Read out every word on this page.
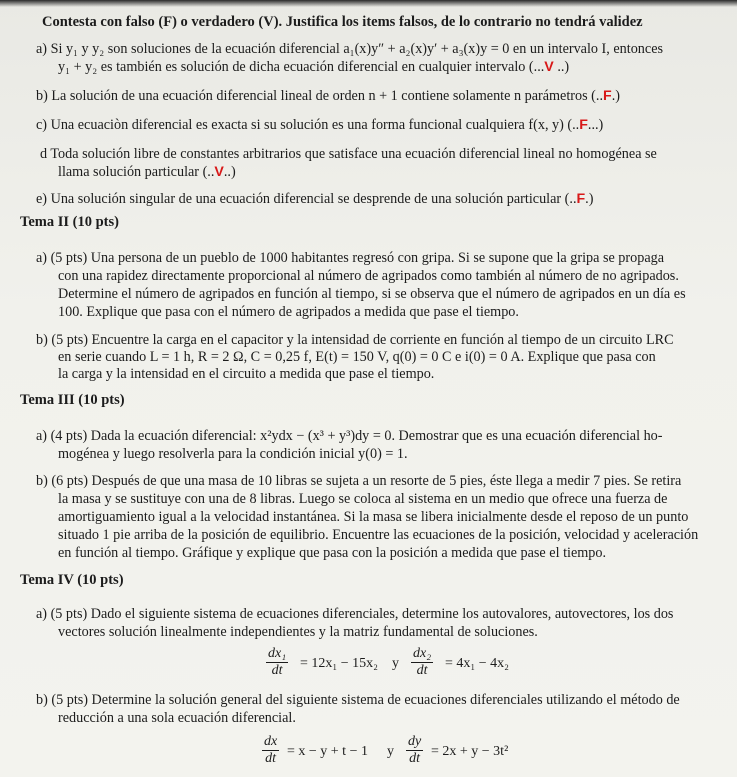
Contesta con falso (F) o verdadero (V). Justifica los items falsos, de lo contrario no tendrá validez
a) Si y₁ y y₂ son soluciones de la ecuación diferencial a₁(x)y″ + a₂(x)y′ + a₃(x)y = 0 en un intervalo I, entonces
y₁ + y₂ es también es solución de dicha ecuación diferencial en cualquier intervalo (...V ..)
b) La solución de una ecuación diferencial lineal de orden n + 1 contiene solamente n parámetros (..F.)
c) Una ecuaciòn diferencial es exacta si su solución es una forma funcional cualquiera f(x, y) (..F...)
d Toda solución libre de constantes arbitrarios que satisface una ecuación diferencial lineal no homogénea se
llama solución particular (..V..)
e) Una solución singular de una ecuación diferencial se desprende de una solución particular (..F.)
Tema II (10 pts)
a) (5 pts) Una persona de un pueblo de 1000 habitantes regresó con gripa. Si se supone que la gripa se propaga
con una rapidez directamente proporcional al número de agripados como también al número de no agripados.
Determine el número de agripados en función al tiempo, si se observa que el número de agripados en un día es
100. Explique que pasa con el número de agripados a medida que pase el tiempo.
b) (5 pts) Encuentre la carga en el capacitor y la intensidad de corriente en función al tiempo de un circuito LRC
en serie cuando L = 1 h, R = 2 Ω, C = 0,25 f, E(t) = 150 V, q(0) = 0 C e i(0) = 0 A. Explique que pasa con
la carga y la intensidad en el circuito a medida que pase el tiempo.
Tema III (10 pts)
a) (4 pts) Dada la ecuación diferencial: x²ydx − (x³ + y³)dy = 0. Demostrar que es una ecuación diferencial ho-
mogénea y luego resolverla para la condición inicial y(0) = 1.
b) (6 pts) Después de que una masa de 10 libras se sujeta a un resorte de 5 pies, éste llega a medir 7 pies. Se retira
la masa y se sustituye con una de 8 libras. Luego se coloca al sistema en un medio que ofrece una fuerza de
amortiguamiento igual a la velocidad instantánea. Si la masa se libera inicialmente desde el reposo de un punto
situado 1 pie arriba de la posición de equilibrio. Encuentre las ecuaciones de la posición, velocidad y aceleración
en función al tiempo. Gráfique y explique que pasa con la posición a medida que pase el tiempo.
Tema IV (10 pts)
a) (5 pts) Dado el siguiente sistema de ecuaciones diferenciales, determine los autovalores, autovectores, los dos
vectores solución linealmente independientes y la matriz fundamental de soluciones.
$\frac{\text{dx₁}}{dt} = 12x_1 - 15x_2$ y $\frac{\text{dx₂}}{dt} = 4x_1 - 4x_2$
b) (5 pts) Determine la solución general del siguiente sistema de ecuaciones diferenciales utilizando el método de
reducción a una sola ecuación diferencial.
$\frac{dx}{dt} = x - y + t - 1$ y $\frac{dy}{dt} = 2x + y - 3t^2$
